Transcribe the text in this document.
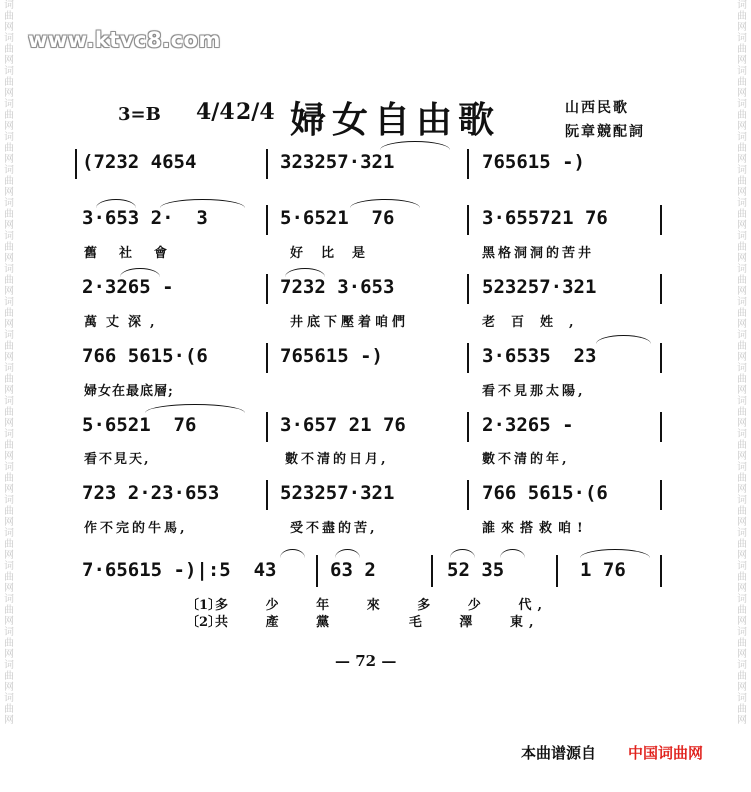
词曲网词曲网词曲网词曲网词曲网词曲网词曲网词曲网词曲网词曲网词曲网词曲网词曲网词曲网词曲网词曲网词曲网词曲网词曲网词曲网词曲网词曲网
词曲网词曲网词曲网词曲网词曲网词曲网词曲网词曲网词曲网词曲网词曲网词曲网词曲网词曲网词曲网词曲网词曲网词曲网词曲网词曲网词曲网词曲网
www.ktvc8.com
3=B 4/4 2/4 婦女自由歌	山西民歌
阮章競配詞
(7232 4654	323257·321	765615 -)
3·653 2·  3	5·6521  76	3·655721 76
舊社會	好比是	黑格洞洞的苦井
2·3265 -	7232 3·653	523257·321
萬丈深,	井底下壓着咱們	老百姓,
766 5615·(6	765615 -)	3·6535  23
婦女在最底層;	看不見那太陽,
5·6521  76	3·657 21 76	2·3265 -
看不見天,	數不清的日月,	數不清的年,
723 2·23·653	523257·321	766 5615·(6
作不完的牛馬,	受不盡的苦,	誰來搭救咱!
7·65615 -)|:5  43	63 2	52 35	1 76
〔1〕
多   少   年   來   多   少   代,
〔2〕
共   產   黨       毛   澤   東,
— 72 —
本曲谱源自 中国词曲网
